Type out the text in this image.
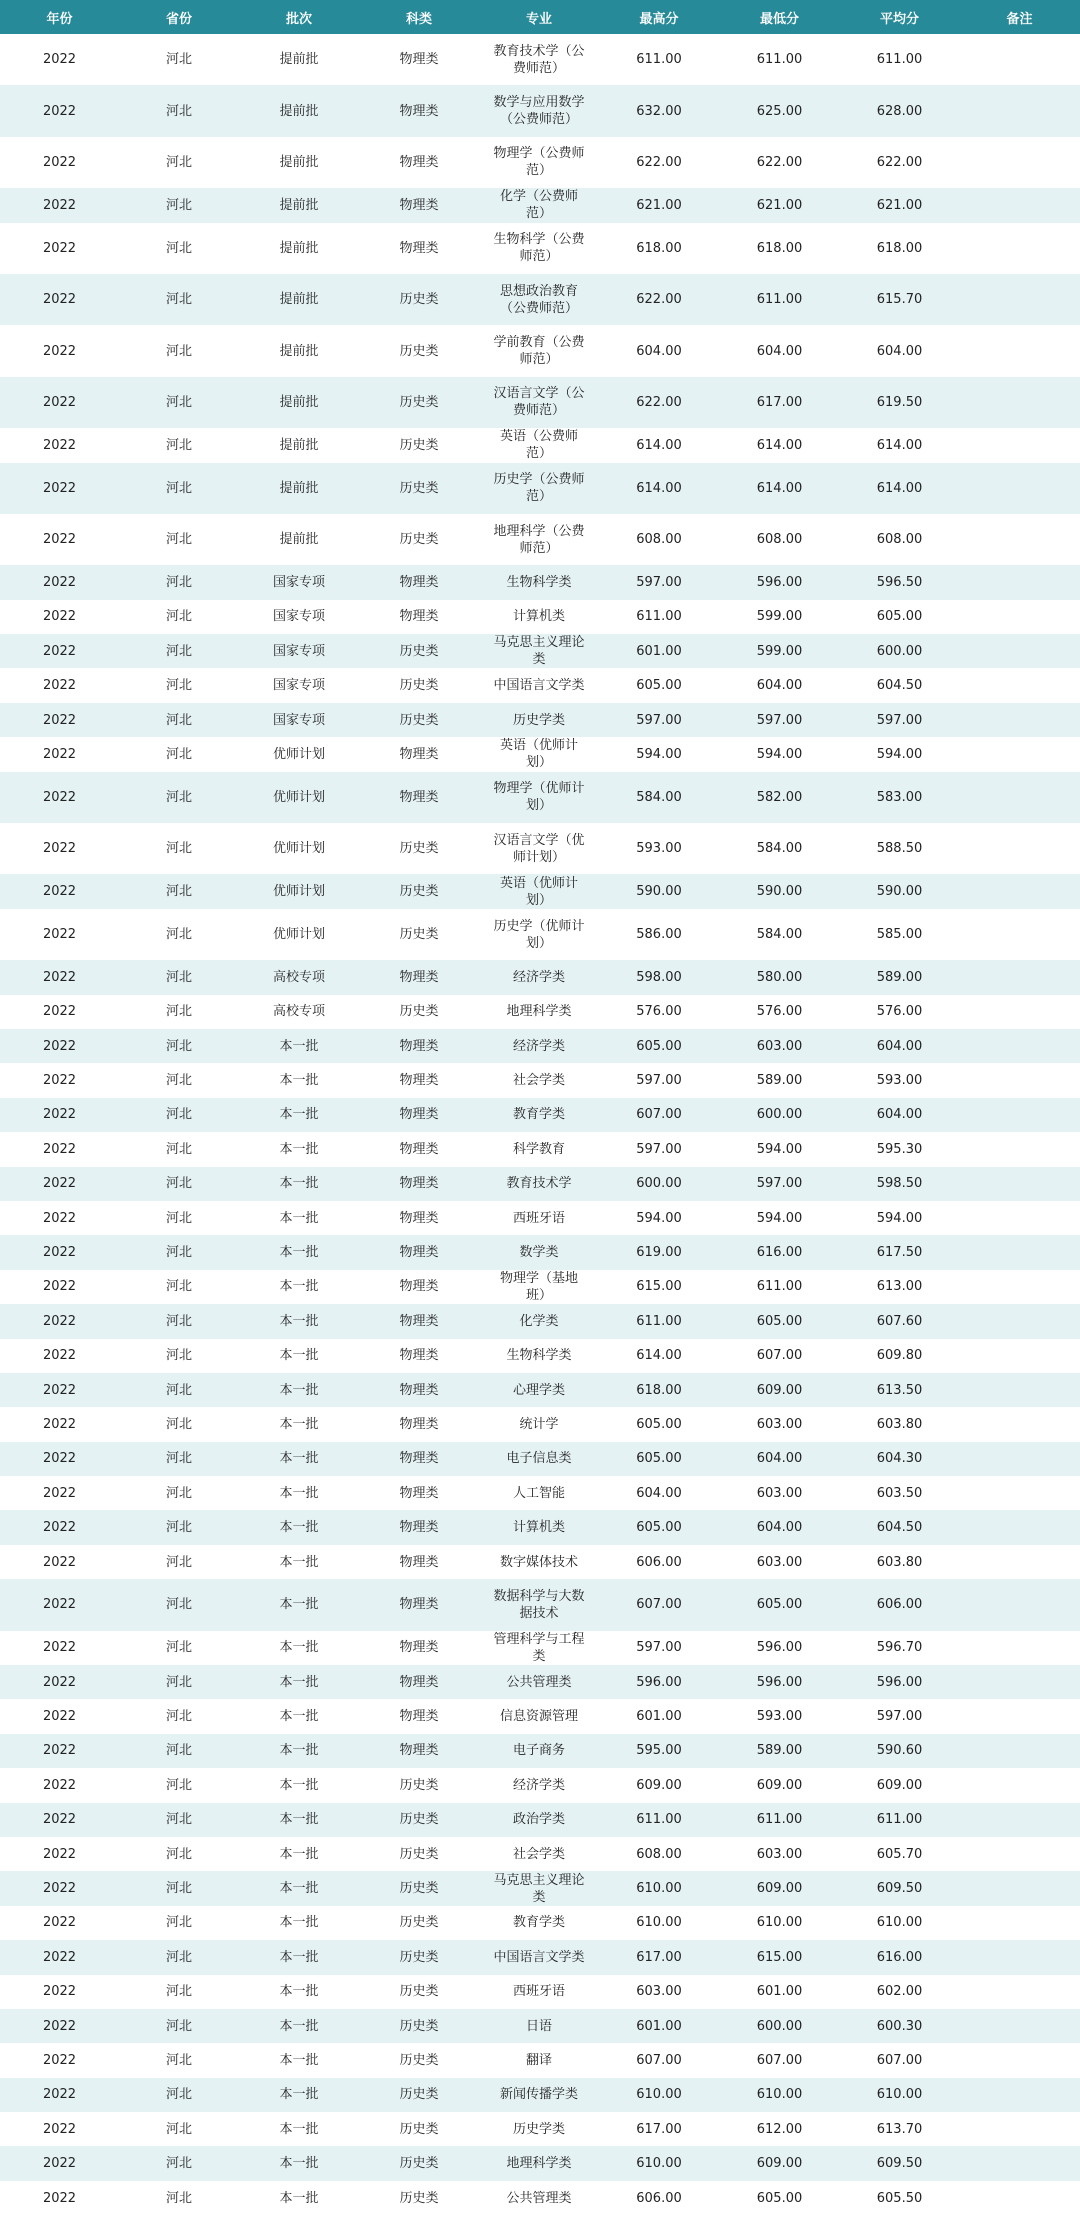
年份	省份	批次	科类	专业	最高分	最低分	平均分	备注
2022	河北	提前批	物理类	教育技术学（公费师范）	611.00	611.00	611.00	
2022	河北	提前批	物理类	数学与应用数学（公费师范）	632.00	625.00	628.00	
2022	河北	提前批	物理类	物理学（公费师范）	622.00	622.00	622.00	
2022	河北	提前批	物理类	化学（公费师范）	621.00	621.00	621.00	
2022	河北	提前批	物理类	生物科学（公费师范）	618.00	618.00	618.00	
2022	河北	提前批	历史类	思想政治教育（公费师范）	622.00	611.00	615.70	
2022	河北	提前批	历史类	学前教育（公费师范）	604.00	604.00	604.00	
2022	河北	提前批	历史类	汉语言文学（公费师范）	622.00	617.00	619.50	
2022	河北	提前批	历史类	英语（公费师范）	614.00	614.00	614.00	
2022	河北	提前批	历史类	历史学（公费师范）	614.00	614.00	614.00	
2022	河北	提前批	历史类	地理科学（公费师范）	608.00	608.00	608.00	
2022	河北	国家专项	物理类	生物科学类	597.00	596.00	596.50	
2022	河北	国家专项	物理类	计算机类	611.00	599.00	605.00	
2022	河北	国家专项	历史类	马克思主义理论类	601.00	599.00	600.00	
2022	河北	国家专项	历史类	中国语言文学类	605.00	604.00	604.50	
2022	河北	国家专项	历史类	历史学类	597.00	597.00	597.00	
2022	河北	优师计划	物理类	英语（优师计划）	594.00	594.00	594.00	
2022	河北	优师计划	物理类	物理学（优师计划）	584.00	582.00	583.00	
2022	河北	优师计划	历史类	汉语言文学（优师计划）	593.00	584.00	588.50	
2022	河北	优师计划	历史类	英语（优师计划）	590.00	590.00	590.00	
2022	河北	优师计划	历史类	历史学（优师计划）	586.00	584.00	585.00	
2022	河北	高校专项	物理类	经济学类	598.00	580.00	589.00	
2022	河北	高校专项	历史类	地理科学类	576.00	576.00	576.00	
2022	河北	本一批	物理类	经济学类	605.00	603.00	604.00	
2022	河北	本一批	物理类	社会学类	597.00	589.00	593.00	
2022	河北	本一批	物理类	教育学类	607.00	600.00	604.00	
2022	河北	本一批	物理类	科学教育	597.00	594.00	595.30	
2022	河北	本一批	物理类	教育技术学	600.00	597.00	598.50	
2022	河北	本一批	物理类	西班牙语	594.00	594.00	594.00	
2022	河北	本一批	物理类	数学类	619.00	616.00	617.50	
2022	河北	本一批	物理类	物理学（基地班）	615.00	611.00	613.00	
2022	河北	本一批	物理类	化学类	611.00	605.00	607.60	
2022	河北	本一批	物理类	生物科学类	614.00	607.00	609.80	
2022	河北	本一批	物理类	心理学类	618.00	609.00	613.50	
2022	河北	本一批	物理类	统计学	605.00	603.00	603.80	
2022	河北	本一批	物理类	电子信息类	605.00	604.00	604.30	
2022	河北	本一批	物理类	人工智能	604.00	603.00	603.50	
2022	河北	本一批	物理类	计算机类	605.00	604.00	604.50	
2022	河北	本一批	物理类	数字媒体技术	606.00	603.00	603.80	
2022	河北	本一批	物理类	数据科学与大数据技术	607.00	605.00	606.00	
2022	河北	本一批	物理类	管理科学与工程类	597.00	596.00	596.70	
2022	河北	本一批	物理类	公共管理类	596.00	596.00	596.00	
2022	河北	本一批	物理类	信息资源管理	601.00	593.00	597.00	
2022	河北	本一批	物理类	电子商务	595.00	589.00	590.60	
2022	河北	本一批	历史类	经济学类	609.00	609.00	609.00	
2022	河北	本一批	历史类	政治学类	611.00	611.00	611.00	
2022	河北	本一批	历史类	社会学类	608.00	603.00	605.70	
2022	河北	本一批	历史类	马克思主义理论类	610.00	609.00	609.50	
2022	河北	本一批	历史类	教育学类	610.00	610.00	610.00	
2022	河北	本一批	历史类	中国语言文学类	617.00	615.00	616.00	
2022	河北	本一批	历史类	西班牙语	603.00	601.00	602.00	
2022	河北	本一批	历史类	日语	601.00	600.00	600.30	
2022	河北	本一批	历史类	翻译	607.00	607.00	607.00	
2022	河北	本一批	历史类	新闻传播学类	610.00	610.00	610.00	
2022	河北	本一批	历史类	历史学类	617.00	612.00	613.70	
2022	河北	本一批	历史类	地理科学类	610.00	609.00	609.50	
2022	河北	本一批	历史类	公共管理类	606.00	605.00	605.50	
